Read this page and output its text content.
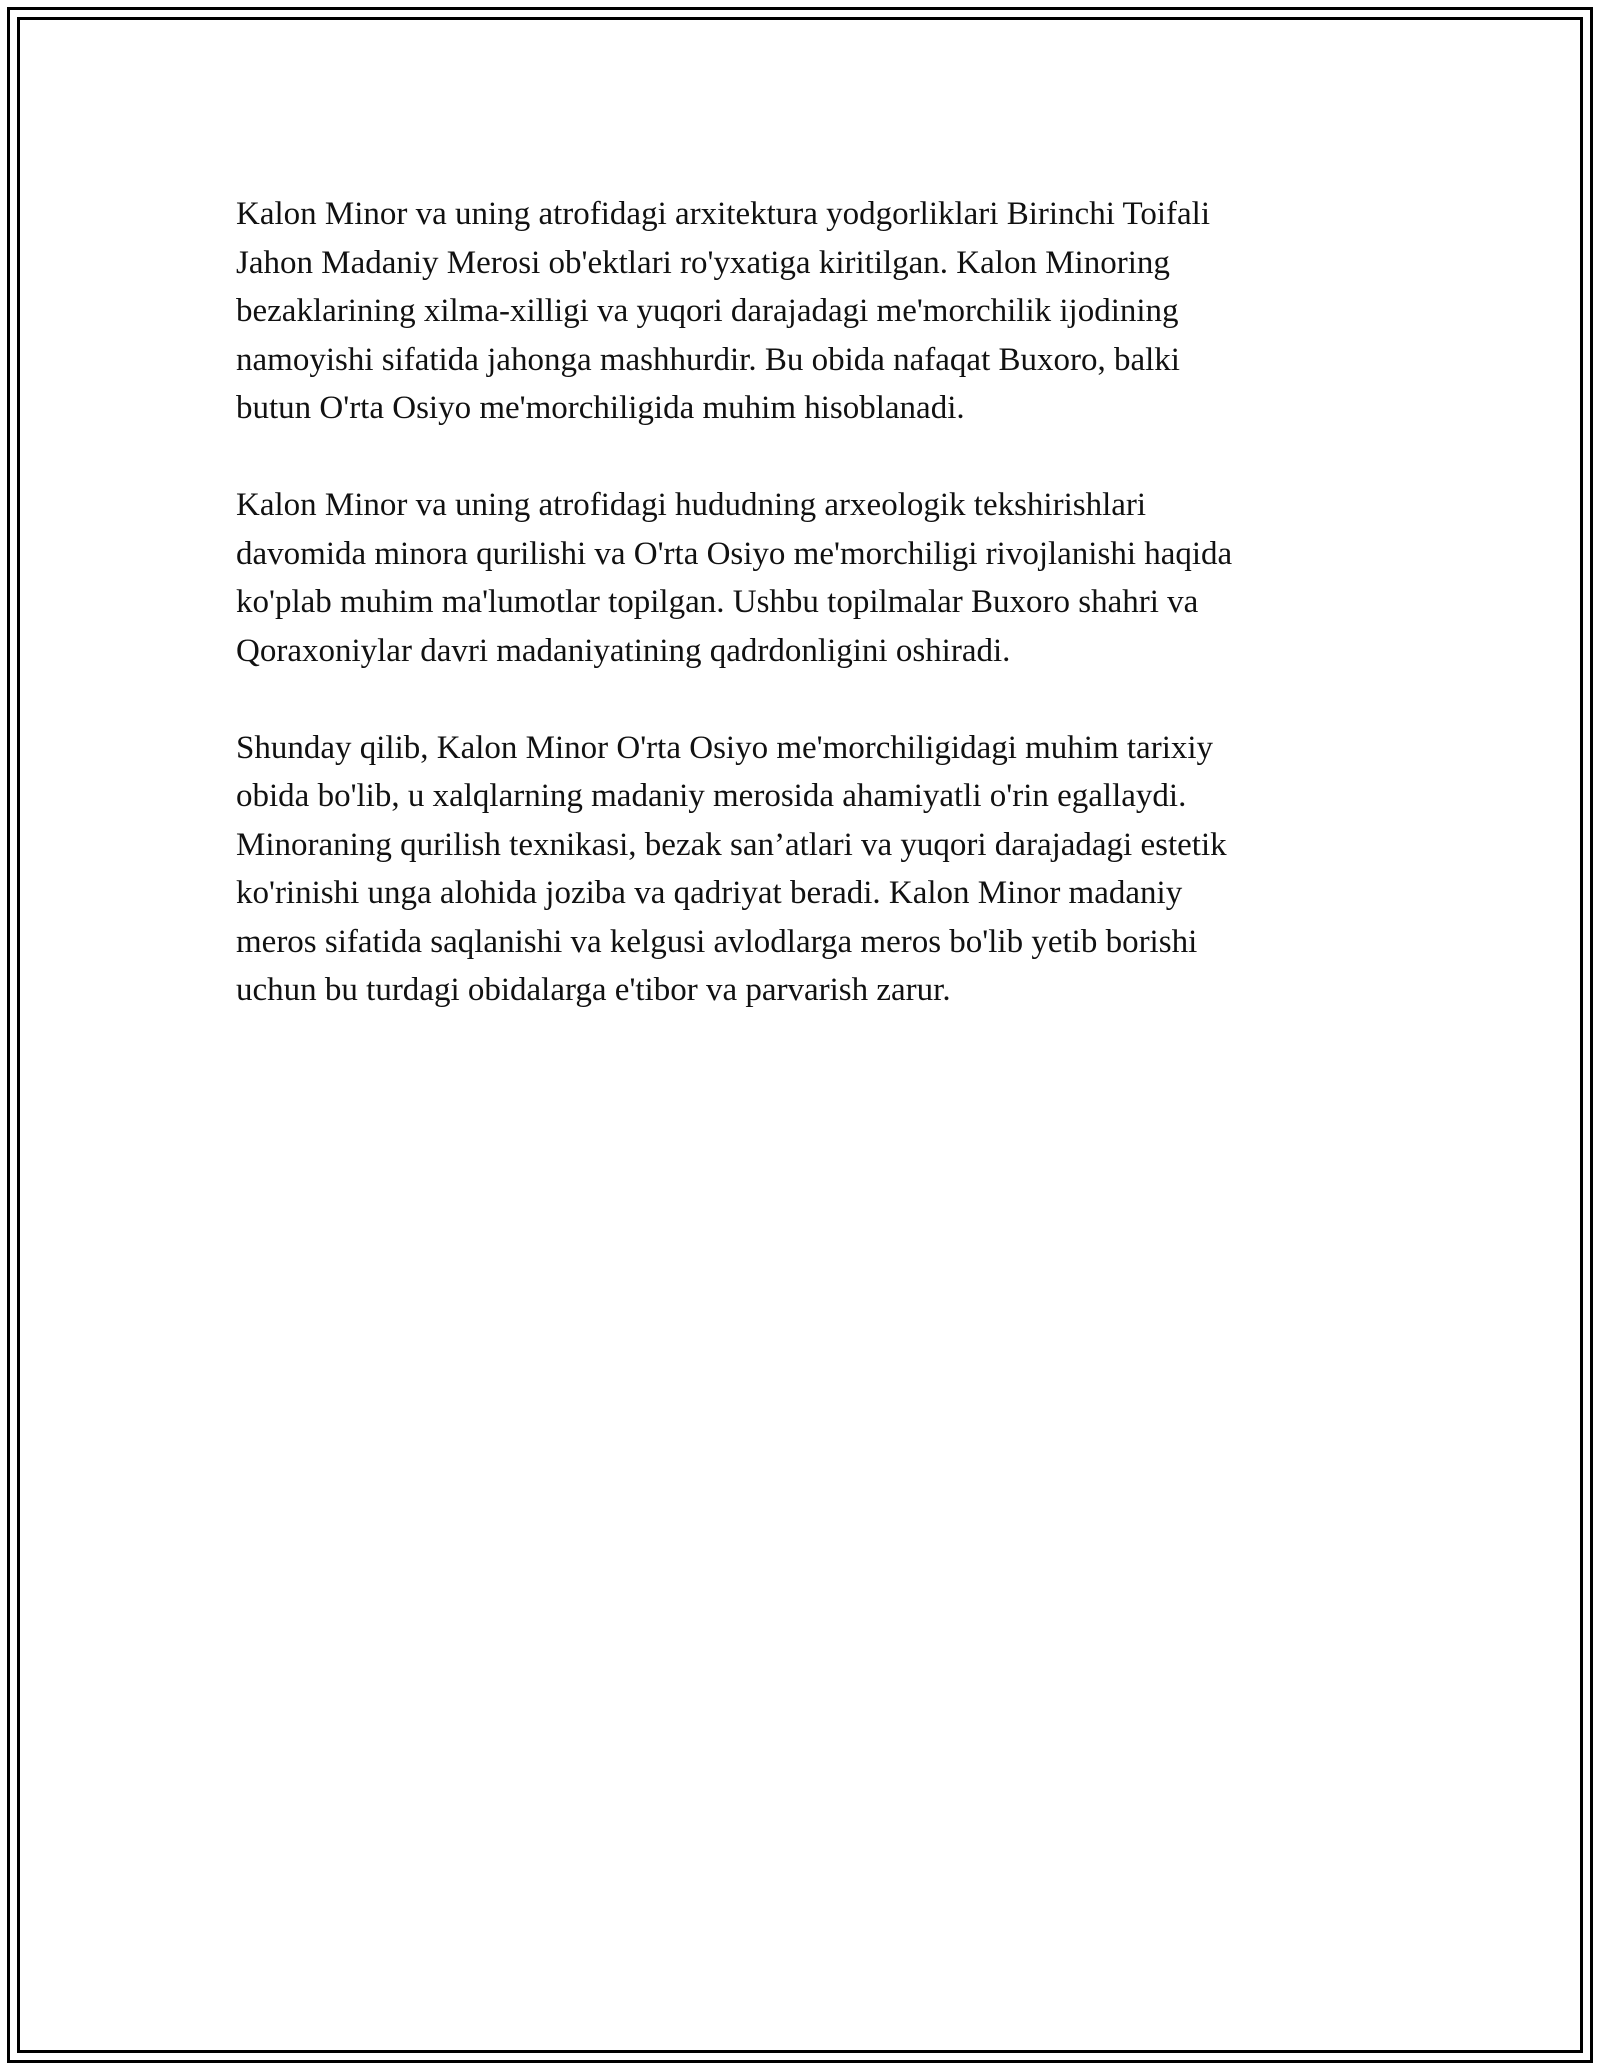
Kalon Minor va uning atrofidagi arxitektura yodgorliklari Birinchi Toifali
Jahon Madaniy Merosi ob'ektlari ro'yxatiga kiritilgan. Kalon Minoring
bezaklarining xilma-xilligi va yuqori darajadagi me'morchilik ijodining
namoyishi sifatida jahonga mashhurdir. Bu obida nafaqat Buxoro, balki
butun O'rta Osiyo me'morchiligida muhim hisoblanadi.

Kalon Minor va uning atrofidagi hududning arxeologik tekshirishlari
davomida minora qurilishi va O'rta Osiyo me'morchiligi rivojlanishi haqida
ko'plab muhim ma'lumotlar topilgan. Ushbu topilmalar Buxoro shahri va
Qoraxoniylar davri madaniyatining qadrdonligini oshiradi.

Shunday qilib, Kalon Minor O'rta Osiyo me'morchiligidagi muhim tarixiy
obida bo'lib, u xalqlarning madaniy merosida ahamiyatli o'rin egallaydi.
Minoraning qurilish texnikasi, bezak san’atlari va yuqori darajadagi estetik
ko'rinishi unga alohida joziba va qadriyat beradi. Kalon Minor madaniy
meros sifatida saqlanishi va kelgusi avlodlarga meros bo'lib yetib borishi
uchun bu turdagi obidalarga e'tibor va parvarish zarur.
